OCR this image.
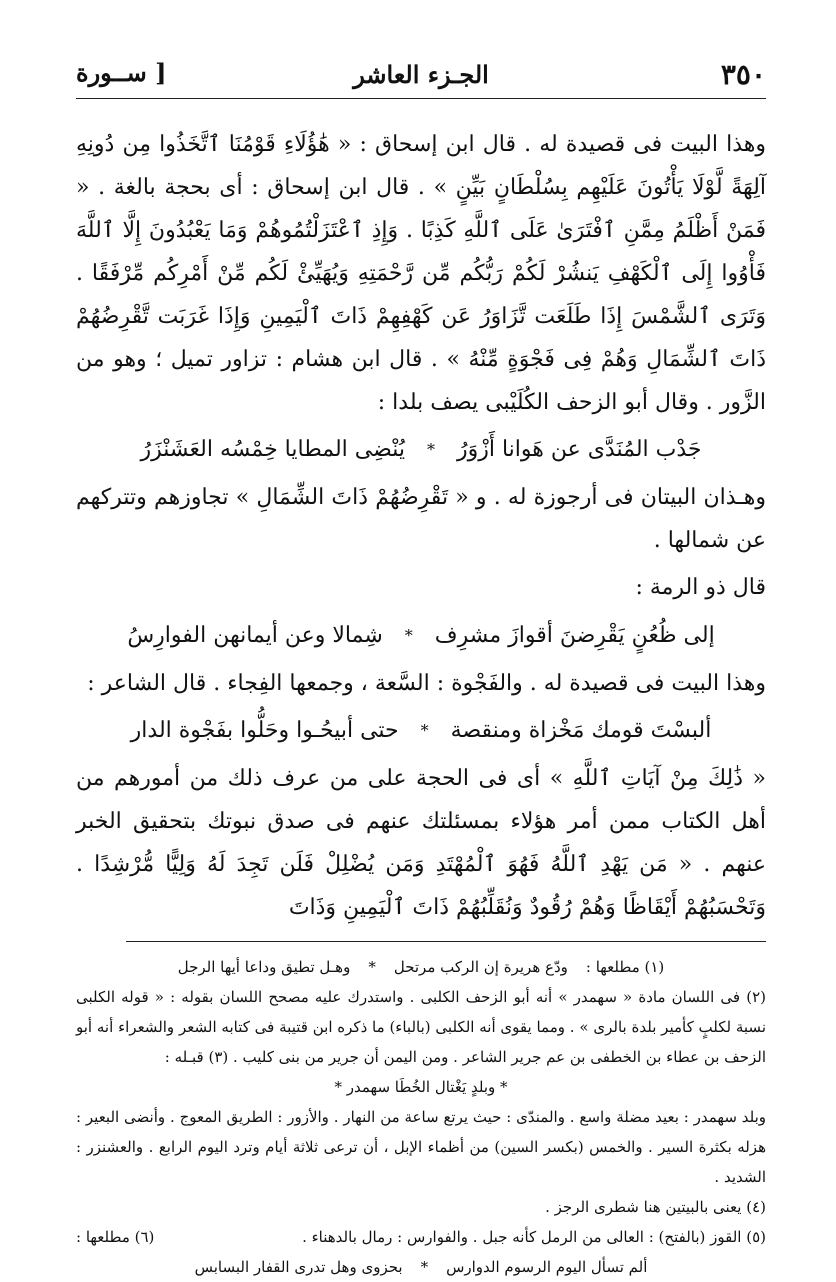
٣٥٠
الجـزء العاشر
[ ســورة

وهذا البيت فى قصيدة له . قال ابن إسحاق : « هَٰؤُلَاءِ قَوْمُنَا ٱتَّخَذُوا مِن دُونِهِ آلِهَةً لَّوْلَا يَأْتُونَ عَلَيْهِم بِسُلْطَانٍ بَيِّنٍ » . قال ابن إسحاق : أى بحجة بالغة . « فَمَنْ أَظْلَمُ مِمَّنِ ٱفْتَرَىٰ عَلَى ٱللَّهِ كَذِبًا . وَإِذِ ٱعْتَزَلْتُمُوهُمْ وَمَا يَعْبُدُونَ إِلَّا ٱللَّهَ فَأْوُوا إِلَى ٱلْكَهْفِ يَنشُرْ لَكُمْ رَبُّكُم مِّن رَّحْمَتِهِ وَيُهَيِّئْ لَكُم مِّنْ أَمْرِكُم مِّرْفَقًا . وَتَرَى ٱلشَّمْسَ إِذَا طَلَعَت تَّزَاوَرُ عَن كَهْفِهِمْ ذَاتَ ٱلْيَمِينِ وَإِذَا غَرَبَت تَّقْرِضُهُمْ ذَاتَ ٱلشِّمَالِ وَهُمْ فِى فَجْوَةٍ مِّنْهُ » . قال ابن هشام : تزاور تميل ؛ وهو من الزَّور . وقال أبو الزحف الكُلَيْبى يصف بلدا :

جَدْب المُنَدَّى عن هَوانا أَزْوَرُ
*
يُنْضِى المطايا خِمْسُه العَشَنْزَرُ

وهـذان البيتان فى أرجوزة له . و « تَقْرِضُهُمْ ذَاتَ الشِّمَالِ » تجاوزهم وتتركهم عن شمالها .

قال ذو الرمة :

إلى ظُعُنٍ يَقْرِضنَ أقوازَ مشرِف
*
شِمالا وعن أيمانهن الفوارِسُ

وهذا البيت فى قصيدة له . والفَجْوة : السَّعة ، وجمعها الفِجاء . قال الشاعر :

ألبسْتَ قومك مَخْزاة ومنقصة
*
حتى أبيحُـوا وحَلُّوا بفَجْوة الدار

« ذَٰلِكَ مِنْ آيَاتِ ٱللَّهِ » أى فى الحجة على من عرف ذلك من أمورهم من أهل الكتاب ممن أمر هؤلاء بمسئلتك عنهم فى صدق نبوتك بتحقيق الخبر عنهم . « مَن يَهْدِ ٱللَّهُ فَهُوَ ٱلْمُهْتَدِ وَمَن يُضْلِلْ فَلَن تَجِدَ لَهُ وَلِيًّا مُّرْشِدًا . وَتَحْسَبُهُمْ أَيْقَاظًا وَهُمْ رُقُودٌ وَنُقَلِّبُهُمْ ذَاتَ ٱلْيَمِينِ وَذَاتَ

(١) مطلعها :
ودّع هريرة إن الركب مرتحل
*
وهـل تطيق وداعا أيها الرجل

(٢) فى اللسان مادة « سهمدر » أنه أبو الزحف الكلبى . واستدرك عليه مصحح اللسان بقوله : « قوله الكلبى نسبة لكلبٍ كأمير بلدة بالرى » . ومما يقوى أنه الكلبى (بالباء) ما ذكره ابن قتيبة فى كتابه الشعر والشعراء أنه أبو الزحف بن عطاء بن الخطفى بن عم جرير الشاعر . ومن اليمن أن جرير من بنى كليب . (٣) قبـله :

* وبلدٍ يَغْتال الخُطَا سهمدر *

وبلد سهمدر : بعيد مضلة واسع . والمندّى : حيث يرتع ساعة من النهار . والأزور : الطريق المعوج . وأنضى البعير : هزله بكثرة السير . والخمس (بكسر السين) من أظماء الإبل ، أن ترعى ثلاثة أيام وترد اليوم الرابع . والعشنزر : الشديد .

(٤) يعنى بالبيتين هنا شطرى الرجز .

(٥) القوز (بالفتح) : العالى من الرمل كأنه جبل . والفوارس : رمال بالدهناء .
(٦) مطلعها :

ألم تسأل اليوم الرسوم الدوارس
*
بحزوى وهل تدرى القفار البسابس
